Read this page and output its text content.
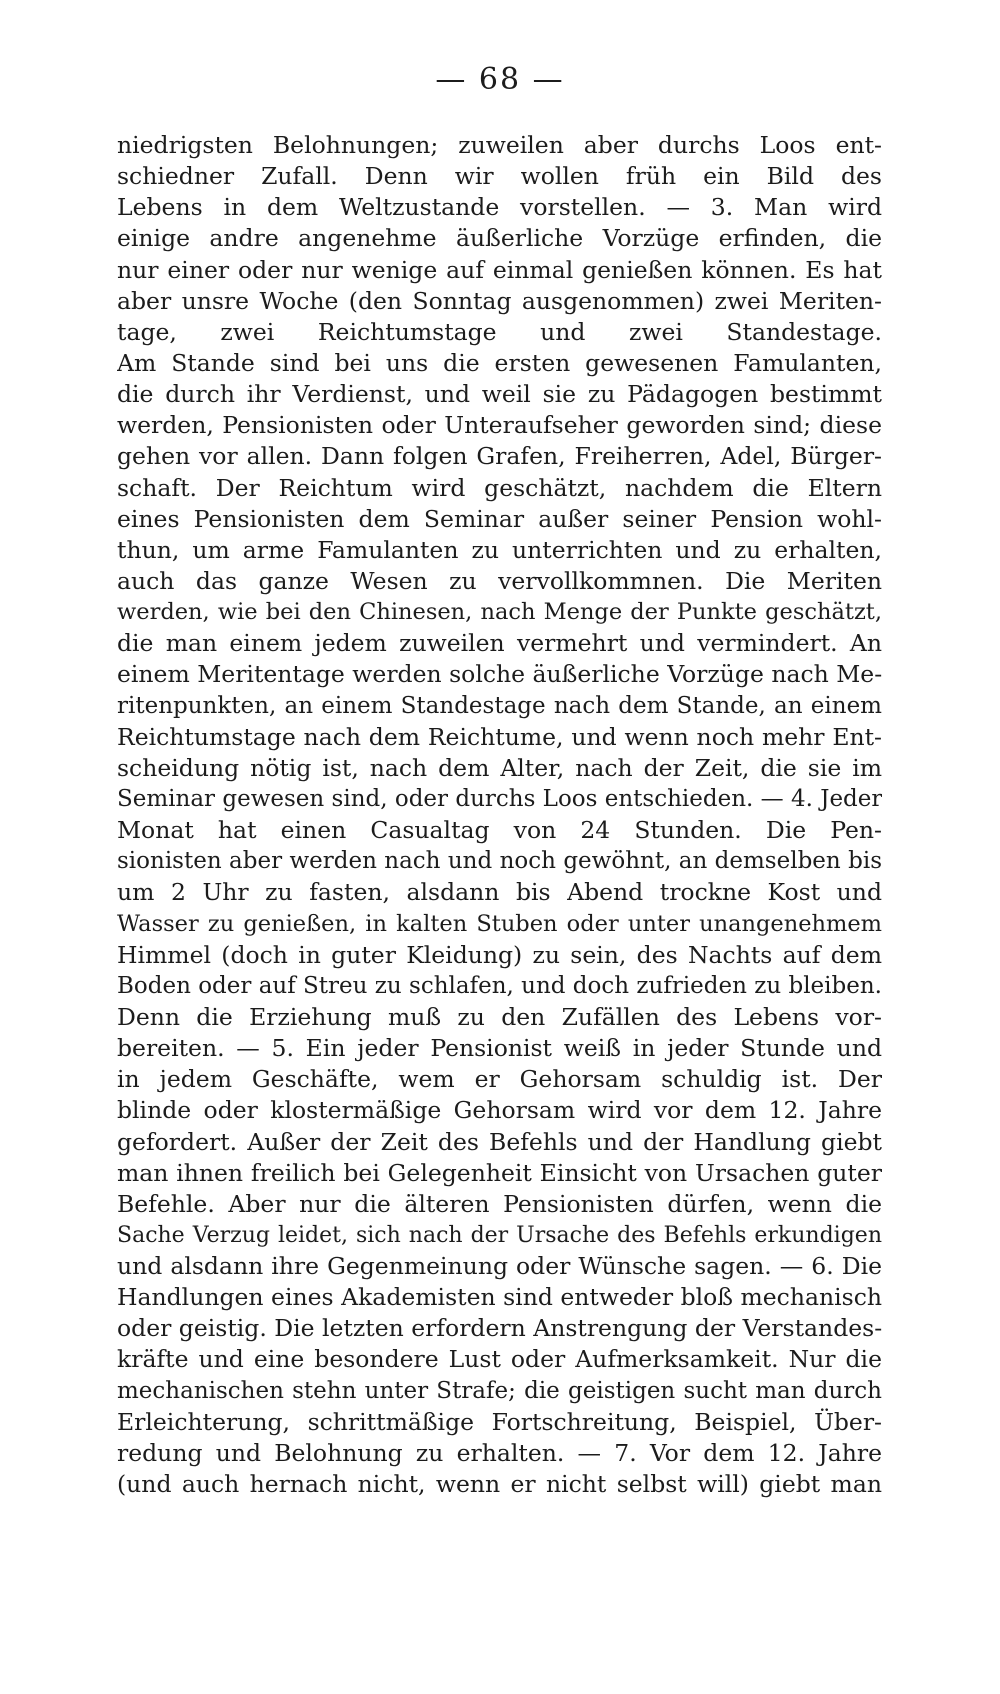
— 68 —
niedrigsten Belohnungen; zuweilen aber durchs Loos ent-
schiedner Zufall. Denn wir wollen früh ein Bild des
Lebens in dem Weltzustande vorstellen. — 3. Man wird
einige andre angenehme äußerliche Vorzüge erfinden, die
nur einer oder nur wenige auf einmal genießen können. Es hat
aber unsre Woche (den Sonntag ausgenommen) zwei Meriten-
tage, zwei Reichtumstage und zwei Standestage.
Am Stande sind bei uns die ersten gewesenen Famulanten,
die durch ihr Verdienst, und weil sie zu Pädagogen bestimmt
werden, Pensionisten oder Unteraufseher geworden sind; diese
gehen vor allen. Dann folgen Grafen, Freiherren, Adel, Bürger-
schaft. Der Reichtum wird geschätzt, nachdem die Eltern
eines Pensionisten dem Seminar außer seiner Pension wohl-
thun, um arme Famulanten zu unterrichten und zu erhalten,
auch das ganze Wesen zu vervollkommnen. Die Meriten
werden, wie bei den Chinesen, nach Menge der Punkte geschätzt,
die man einem jedem zuweilen vermehrt und vermindert. An
einem Meritentage werden solche äußerliche Vorzüge nach Me-
ritenpunkten, an einem Standestage nach dem Stande, an einem
Reichtumstage nach dem Reichtume, und wenn noch mehr Ent-
scheidung nötig ist, nach dem Alter, nach der Zeit, die sie im
Seminar gewesen sind, oder durchs Loos entschieden. — 4. Jeder
Monat hat einen Casualtag von 24 Stunden. Die Pen-
sionisten aber werden nach und noch gewöhnt, an demselben bis
um 2 Uhr zu fasten, alsdann bis Abend trockne Kost und
Wasser zu genießen, in kalten Stuben oder unter unangenehmem
Himmel (doch in guter Kleidung) zu sein, des Nachts auf dem
Boden oder auf Streu zu schlafen, und doch zufrieden zu bleiben.
Denn die Erziehung muß zu den Zufällen des Lebens vor-
bereiten. — 5. Ein jeder Pensionist weiß in jeder Stunde und
in jedem Geschäfte, wem er Gehorsam schuldig ist. Der
blinde oder klostermäßige Gehorsam wird vor dem 12. Jahre
gefordert. Außer der Zeit des Befehls und der Handlung giebt
man ihnen freilich bei Gelegenheit Einsicht von Ursachen guter
Befehle. Aber nur die älteren Pensionisten dürfen, wenn die
Sache Verzug leidet, sich nach der Ursache des Befehls erkundigen
und alsdann ihre Gegenmeinung oder Wünsche sagen. — 6. Die
Handlungen eines Akademisten sind entweder bloß mechanisch
oder geistig. Die letzten erfordern Anstrengung der Verstandes-
kräfte und eine besondere Lust oder Aufmerksamkeit. Nur die
mechanischen stehn unter Strafe; die geistigen sucht man durch
Erleichterung, schrittmäßige Fortschreitung, Beispiel, Über-
redung und Belohnung zu erhalten. — 7. Vor dem 12. Jahre
(und auch hernach nicht, wenn er nicht selbst will) giebt man
